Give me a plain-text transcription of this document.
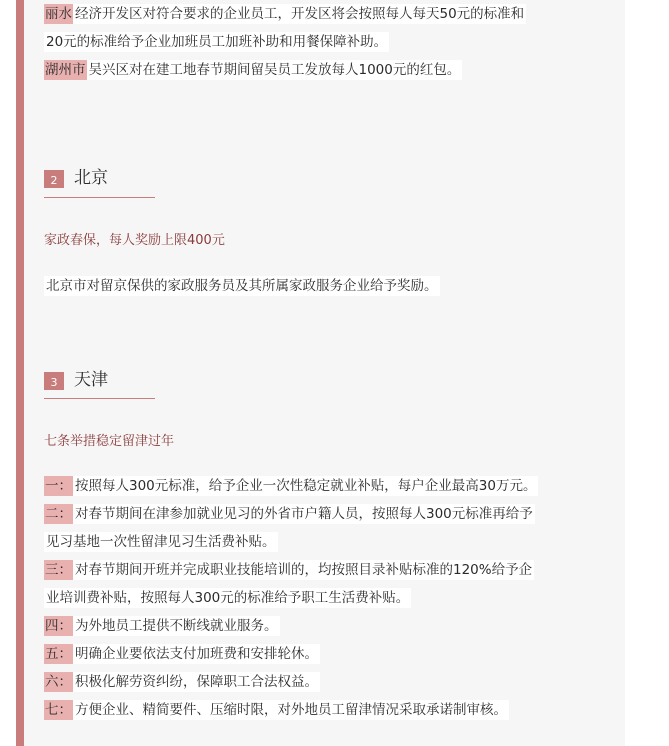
丽水 经济开发区对符合要求的企业员工，开发区将会按照每人每天50元的标准和
20元的标准给予企业加班员工加班补助和用餐保障补助。
湖州市 吴兴区对在建工地春节期间留吴员工发放每人1000元的红包。
2 北京
家政春保，每人奖励上限400元
北京市对留京保供的家政服务员及其所属家政服务企业给予奖励。
3 天津
七条举措稳定留津过年
一： 按照每人300元标准，给予企业一次性稳定就业补贴，每户企业最高30万元。
二： 对春节期间在津参加就业见习的外省市户籍人员，按照每人300元标准再给予
见习基地一次性留津见习生活费补贴。
三： 对春节期间开班并完成职业技能培训的，均按照目录补贴标准的120%给予企
业培训费补贴，按照每人300元的标准给予职工生活费补贴。
四： 为外地员工提供不断线就业服务。
五： 明确企业要依法支付加班费和安排轮休。
六： 积极化解劳资纠纷，保障职工合法权益。
七： 方便企业、精简要件、压缩时限，对外地员工留津情况采取承诺制审核。
